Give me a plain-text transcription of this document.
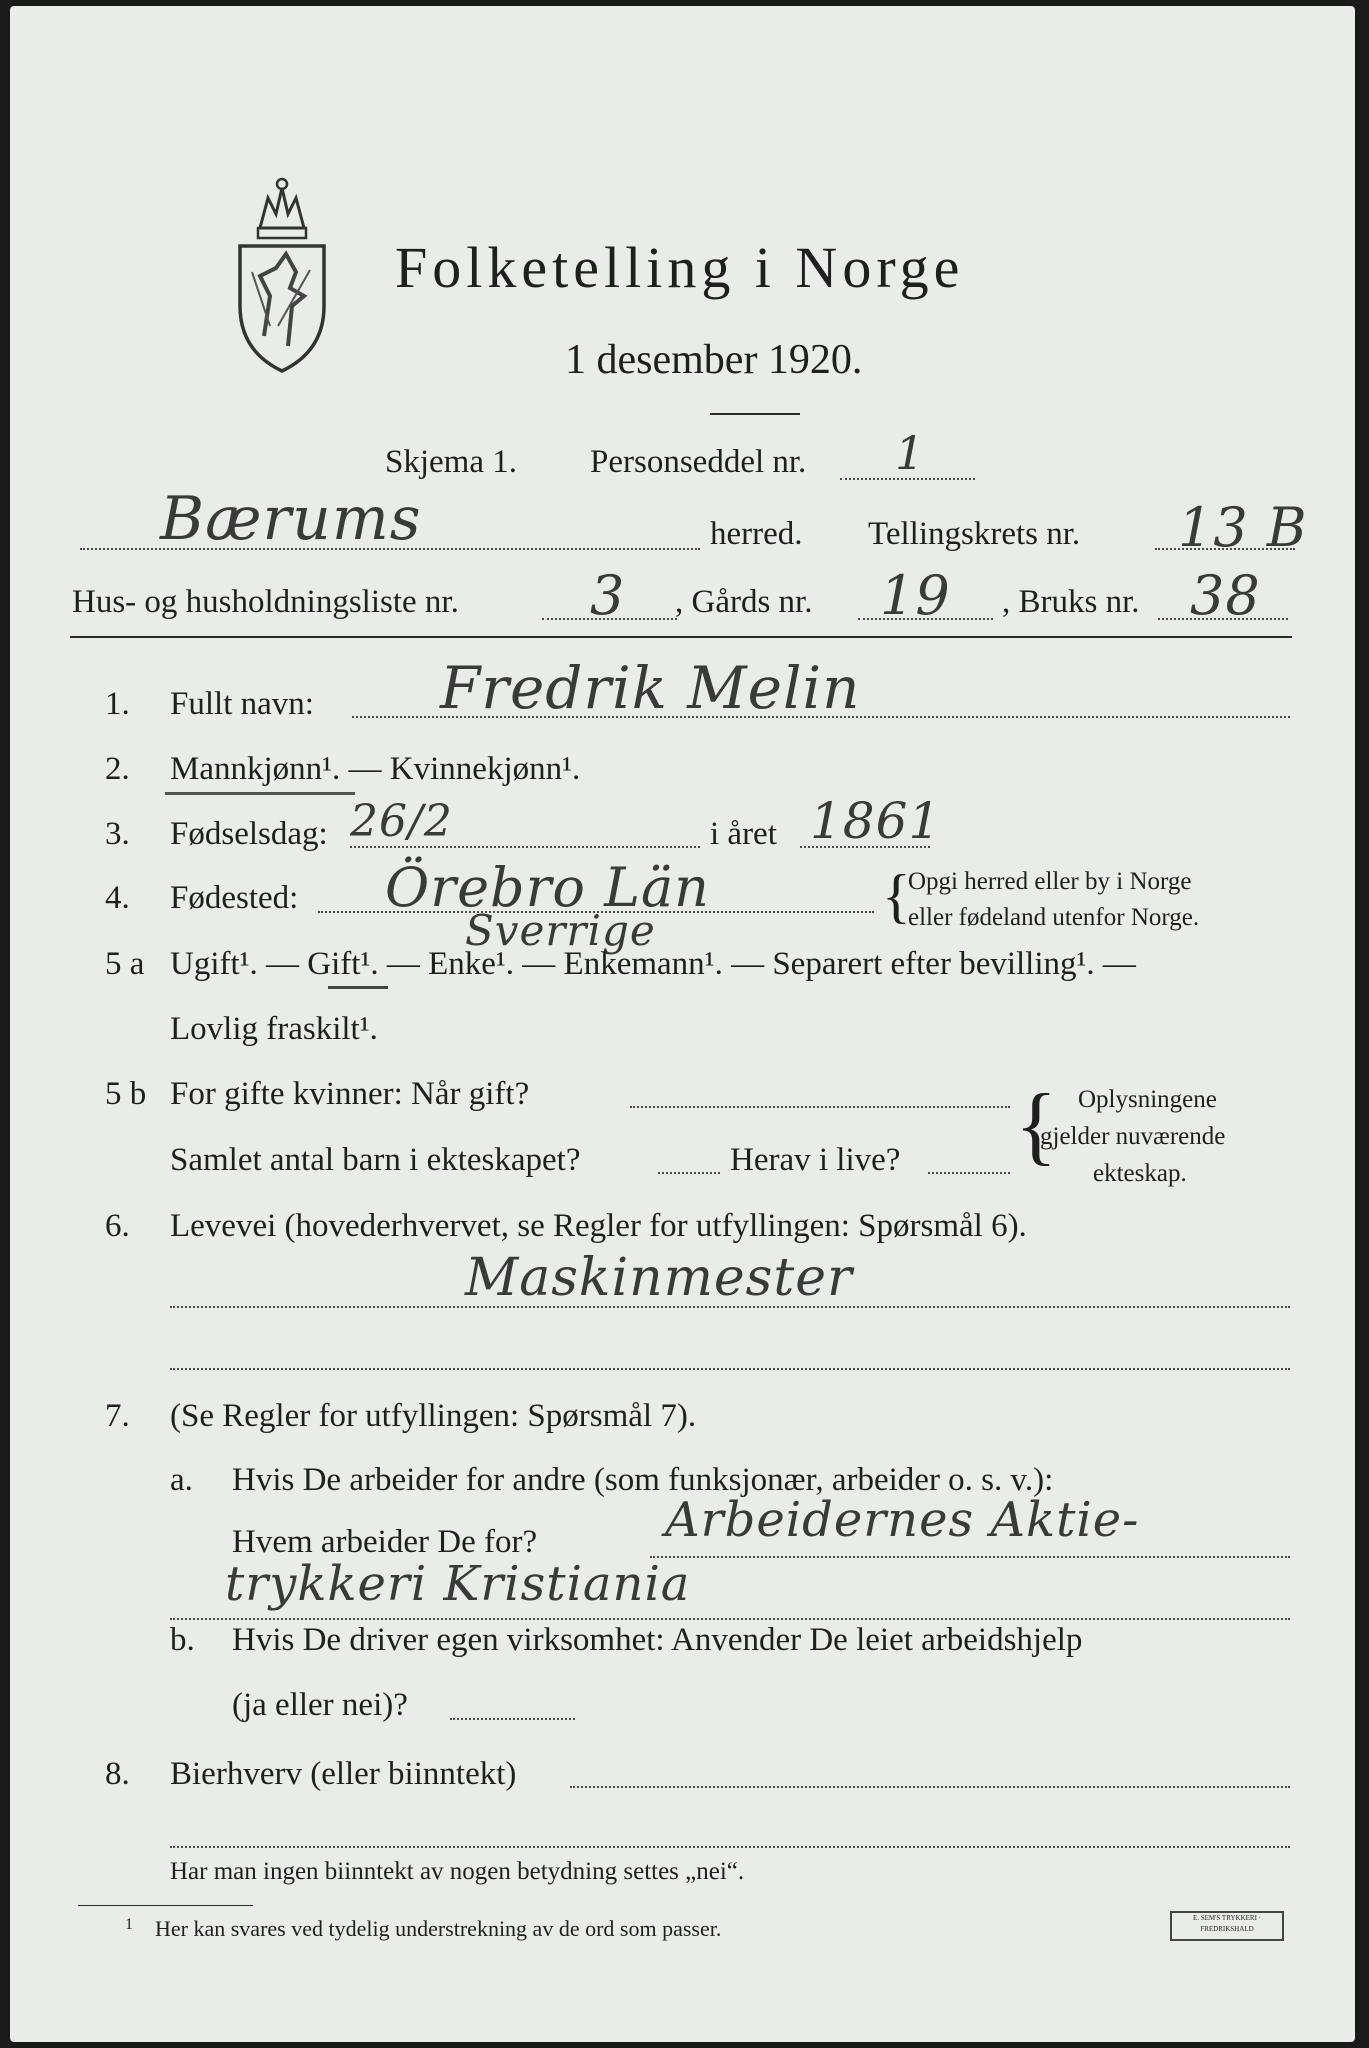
Folketelling i Norge
1 desember 1920.
Skjema 1. Personseddel nr. 1
Bærums	herred. Tellingskrets nr. 13 B
Hus- og husholdningsliste nr. 3 , Gårds nr. 19 , Bruks nr. 38
1. Fullt navn: Fredrik Melin
2. Mannkjønn¹. — Kvinnekjønn¹.
3. Fødselsdag: 26/2	i året 1861
4. Fødested: Örebro Län
Sverrige
{
Opgi herred eller by i Norge
eller fødeland utenfor Norge.
5 a Ugift¹. — Gift¹. — Enke¹. — Enkemann¹. — Separert efter bevilling¹. —
Lovlig fraskilt¹.
5 b For gifte kvinner: Når gift?
Samlet antal barn i ekteskapet?	Herav i live? { Oplysningene
gjelder nuværende
ekteskap.
6. Levevei (hovederhvervet, se Regler for utfyllingen: Spørsmål 6).
Maskinmester
7. (Se Regler for utfyllingen: Spørsmål 7).
a. Hvis De arbeider for andre (som funksjonær, arbeider o. s. v.):
Hvem arbeider De for?	Arbeidernes Aktie-
trykkeri Kristiania
b. Hvis De driver egen virksomhet: Anvender De leiet arbeidshjelp
(ja eller nei)?
8. Bierhverv (eller biinntekt)
Har man ingen biinntekt av nogen betydning settes „nei“.
1 Her kan svares ved tydelig understrekning av de ord som passer.	E. SEM'S TRYKKERI · FREDRIKSHALD
